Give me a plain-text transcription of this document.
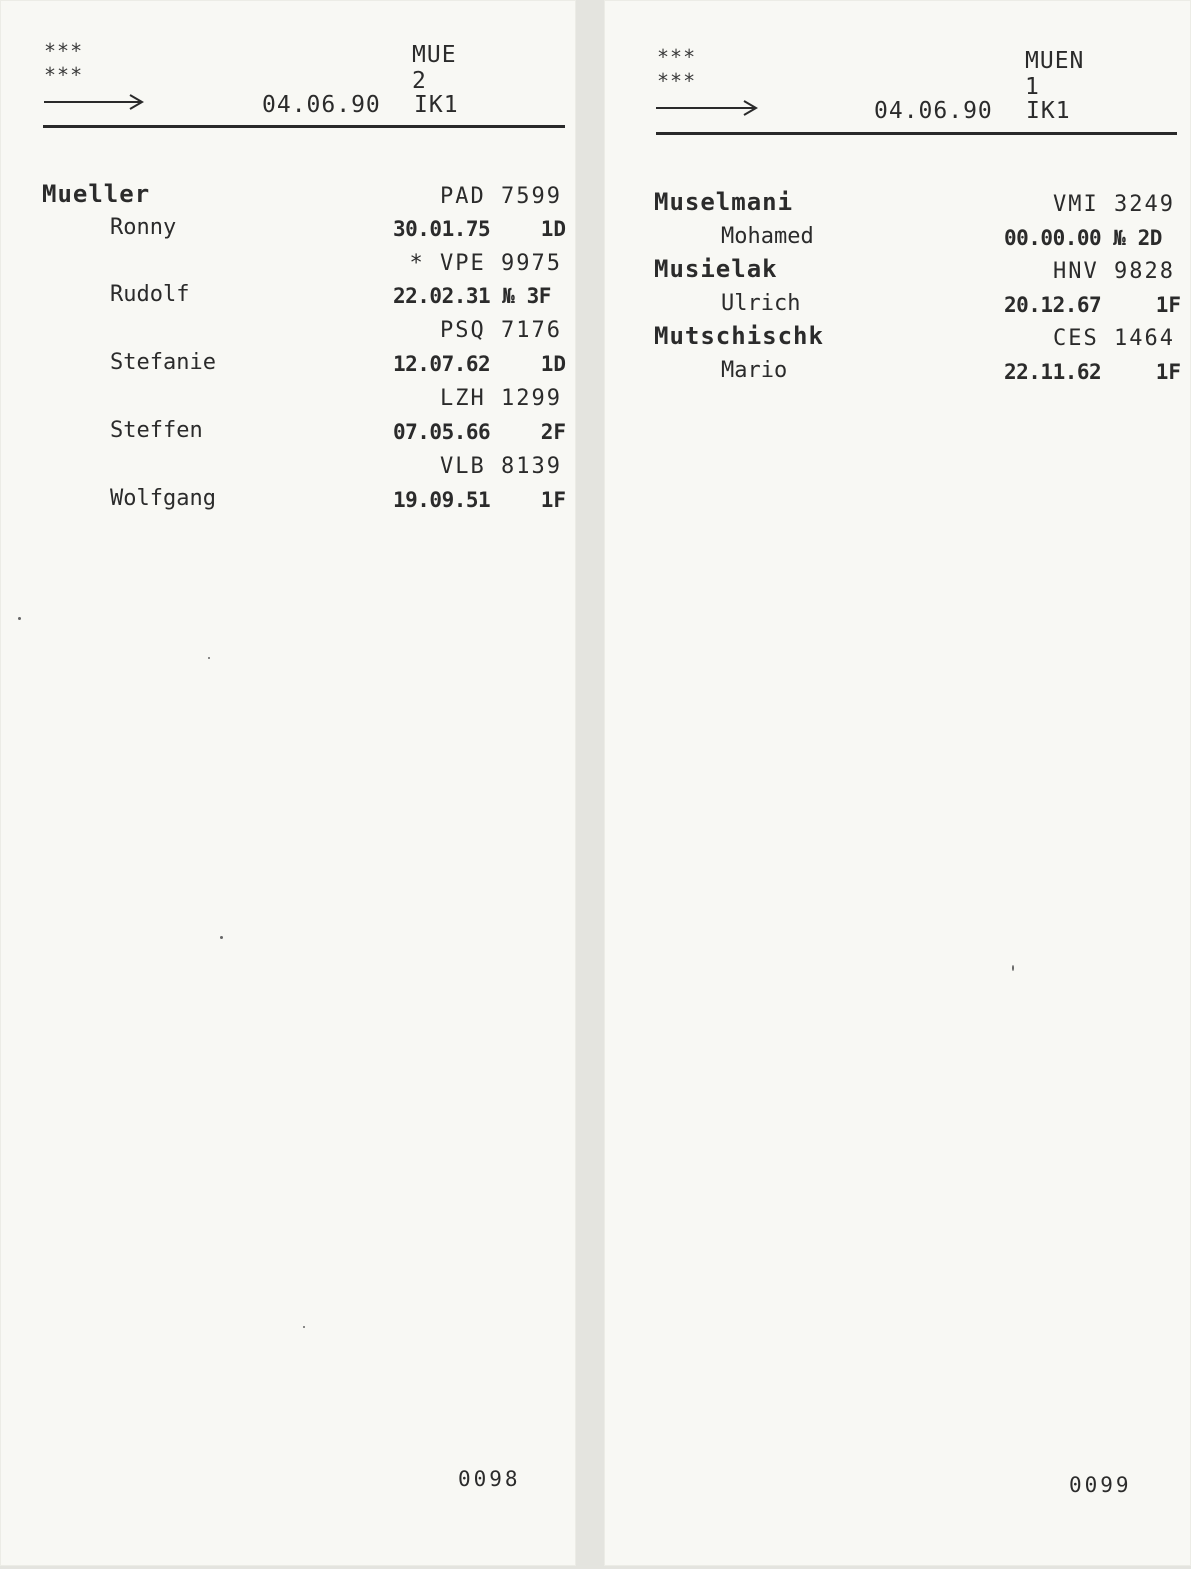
***
***
MUE
2
04.06.90 IK1
Mueller	PAD 7599
Ronny	30.01.75 1D
* VPE 9975
Rudolf	22.02.31 № 3F
PSQ 7176
Stefanie	12.07.62 1D
LZH 1299
Steffen	07.05.66 2F
VLB 8139
Wolfgang	19.09.51 1F
0098
***
***
MUEN
1
04.06.90 IK1
Muselmani	VMI 3249
Mohamed	00.00.00 № 2D
Musielak	HNV 9828
Ulrich	20.12.67	1F
Mutschischk	CES 1464
Mario	22.11.62	1F
0099
